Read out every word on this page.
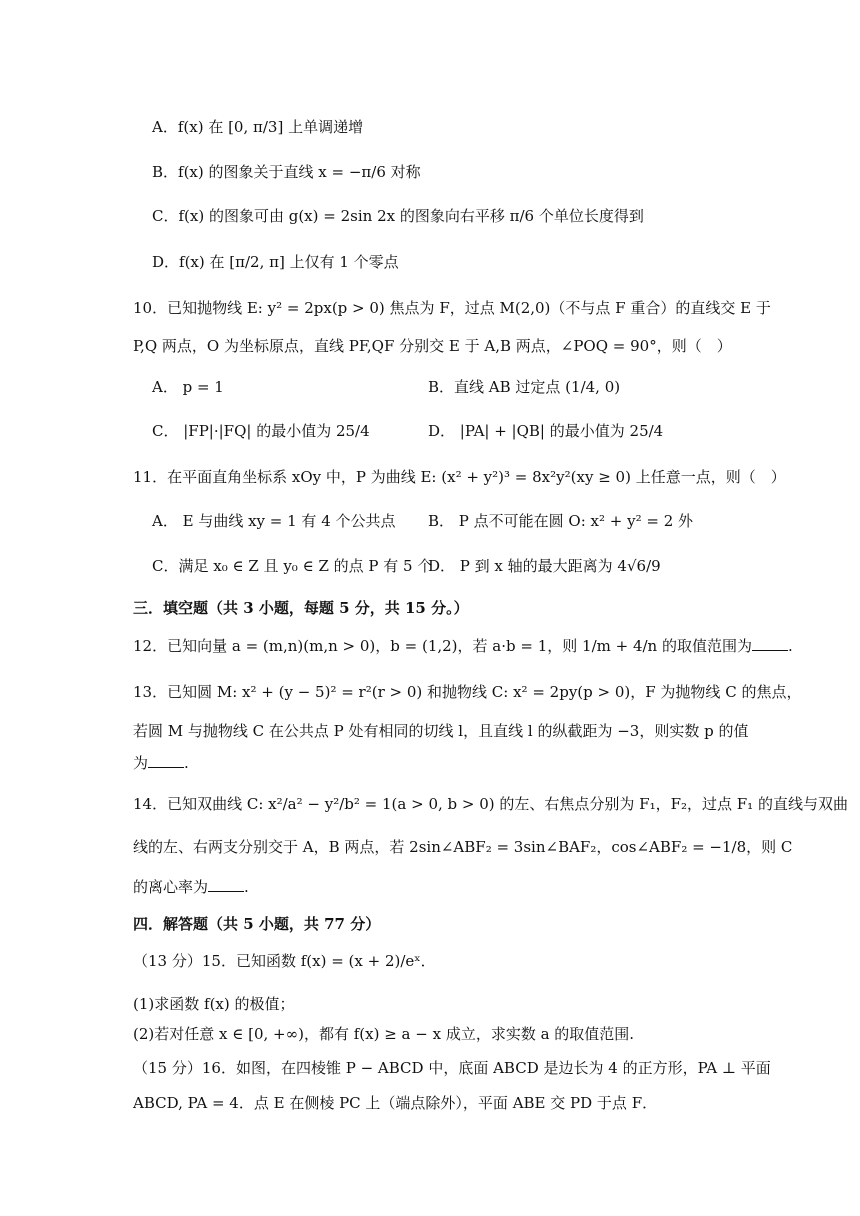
A．f(x) 在 [0, π/3] 上单调递增
B．f(x) 的图象关于直线 x = −π/6 对称
C．f(x) 的图象可由 g(x) = 2sin 2x 的图象向右平移 π/6 个单位长度得到
D．f(x) 在 [π/2, π] 上仅有 1 个零点
10．已知抛物线 E: y² = 2px(p > 0) 焦点为 F，过点 M(2,0)（不与点 F 重合）的直线交 E 于
P,Q 两点，O 为坐标原点，直线 PF,QF 分别交 E 于 A,B 两点，∠POQ = 90°，则（　）
A． p = 1	B．直线 AB 过定点 (1/4, 0)
C． |FP|·|FQ| 的最小值为 25/4	D． |PA| + |QB| 的最小值为 25/4
11．在平面直角坐标系 xOy 中，P 为曲线 E: (x² + y²)³ = 8x²y²(xy ≥ 0) 上任意一点，则（　）
A． E 与曲线 xy = 1 有 4 个公共点 B． P 点不可能在圆 O: x² + y² = 2 外
C．满足 x₀ ∈ Z 且 y₀ ∈ Z 的点 P 有 5 个
D． P 到 x 轴的最大距离为 4√6/9
三．填空题（共 3 小题，每题 5 分，共 15 分。）
12．已知向量 a = (m,n)(m,n > 0)，b = (1,2)，若 a·b = 1，则 1/m + 4/n 的取值范围为 .
13．已知圆 M: x² + (y − 5)² = r²(r > 0) 和抛物线 C: x² = 2py(p > 0)，F 为抛物线 C 的焦点，
若圆 M 与抛物线 C 在公共点 P 处有相同的切线 l，且直线 l 的纵截距为 −3，则实数 p 的值
为 .
14．已知双曲线 C: x²/a² − y²/b² = 1(a > 0, b > 0) 的左、右焦点分别为 F₁，F₂，过点 F₁ 的直线与双曲
线的左、右两支分别交于 A，B 两点，若 2sin∠ABF₂ = 3sin∠BAF₂，cos∠ABF₂ = −1/8，则 C
的离心率为 .
四．解答题（共 5 小题，共 77 分）
（13 分）15．已知函数 f(x) = (x + 2)/eˣ．
(1)求函数 f(x) 的极值；
(2)若对任意 x ∈ [0, +∞)，都有 f(x) ≥ a − x 成立，求实数 a 的取值范围.
（15 分）16．如图，在四棱锥 P − ABCD 中，底面 ABCD 是边长为 4 的正方形，PA ⊥ 平面
ABCD, PA = 4．点 E 在侧棱 PC 上（端点除外），平面 ABE 交 PD 于点 F．
